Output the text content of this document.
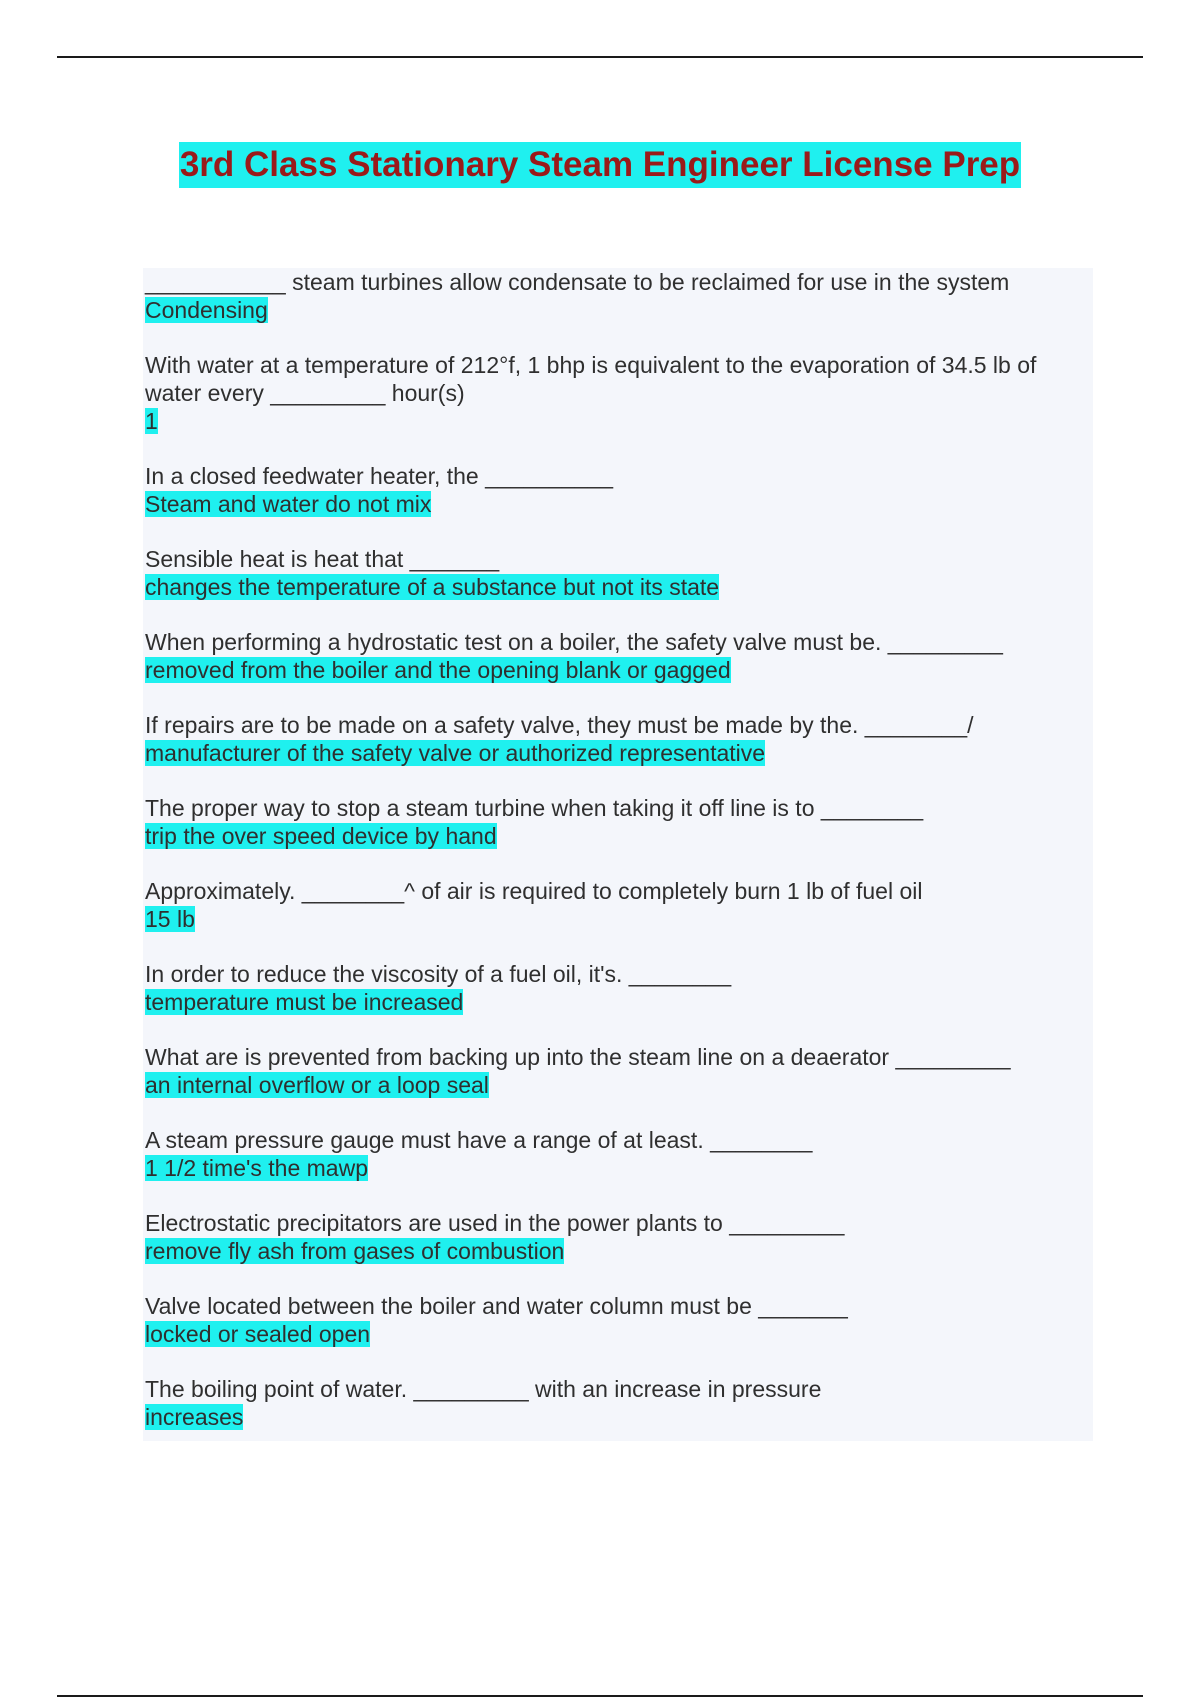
3rd Class Stationary Steam Engineer License Prep
___________ steam turbines allow condensate to be reclaimed for use in the system
Condensing
With water at a temperature of 212°f, 1 bhp is equivalent to the evaporation of 34.5 lb of water every _________ hour(s)
1
In a closed feedwater heater, the __________
Steam and water do not mix
Sensible heat is heat that _______
changes the temperature of a substance but not its state
When performing a hydrostatic test on a boiler, the safety valve must be. _________
removed from the boiler and the opening blank or gagged
If repairs are to be made on a safety valve, they must be made by the. ________/
manufacturer of the safety valve or authorized representative
The proper way to stop a steam turbine when taking it off line is to ________
trip the over speed device by hand
Approximately. ________^ of air is required to completely burn 1 lb of fuel oil
15 lb
In order to reduce the viscosity of a fuel oil, it's. ________
temperature must be increased
What are is prevented from backing up into the steam line on a deaerator _________
an internal overflow or a loop seal
A steam pressure gauge must have a range of at least. ________
1 1/2 time's the mawp
Electrostatic precipitators are used in the power plants to _________
remove fly ash from gases of combustion
Valve located between the boiler and water column must be _______
locked or sealed open
The boiling point of water. _________ with an increase in pressure
increases
